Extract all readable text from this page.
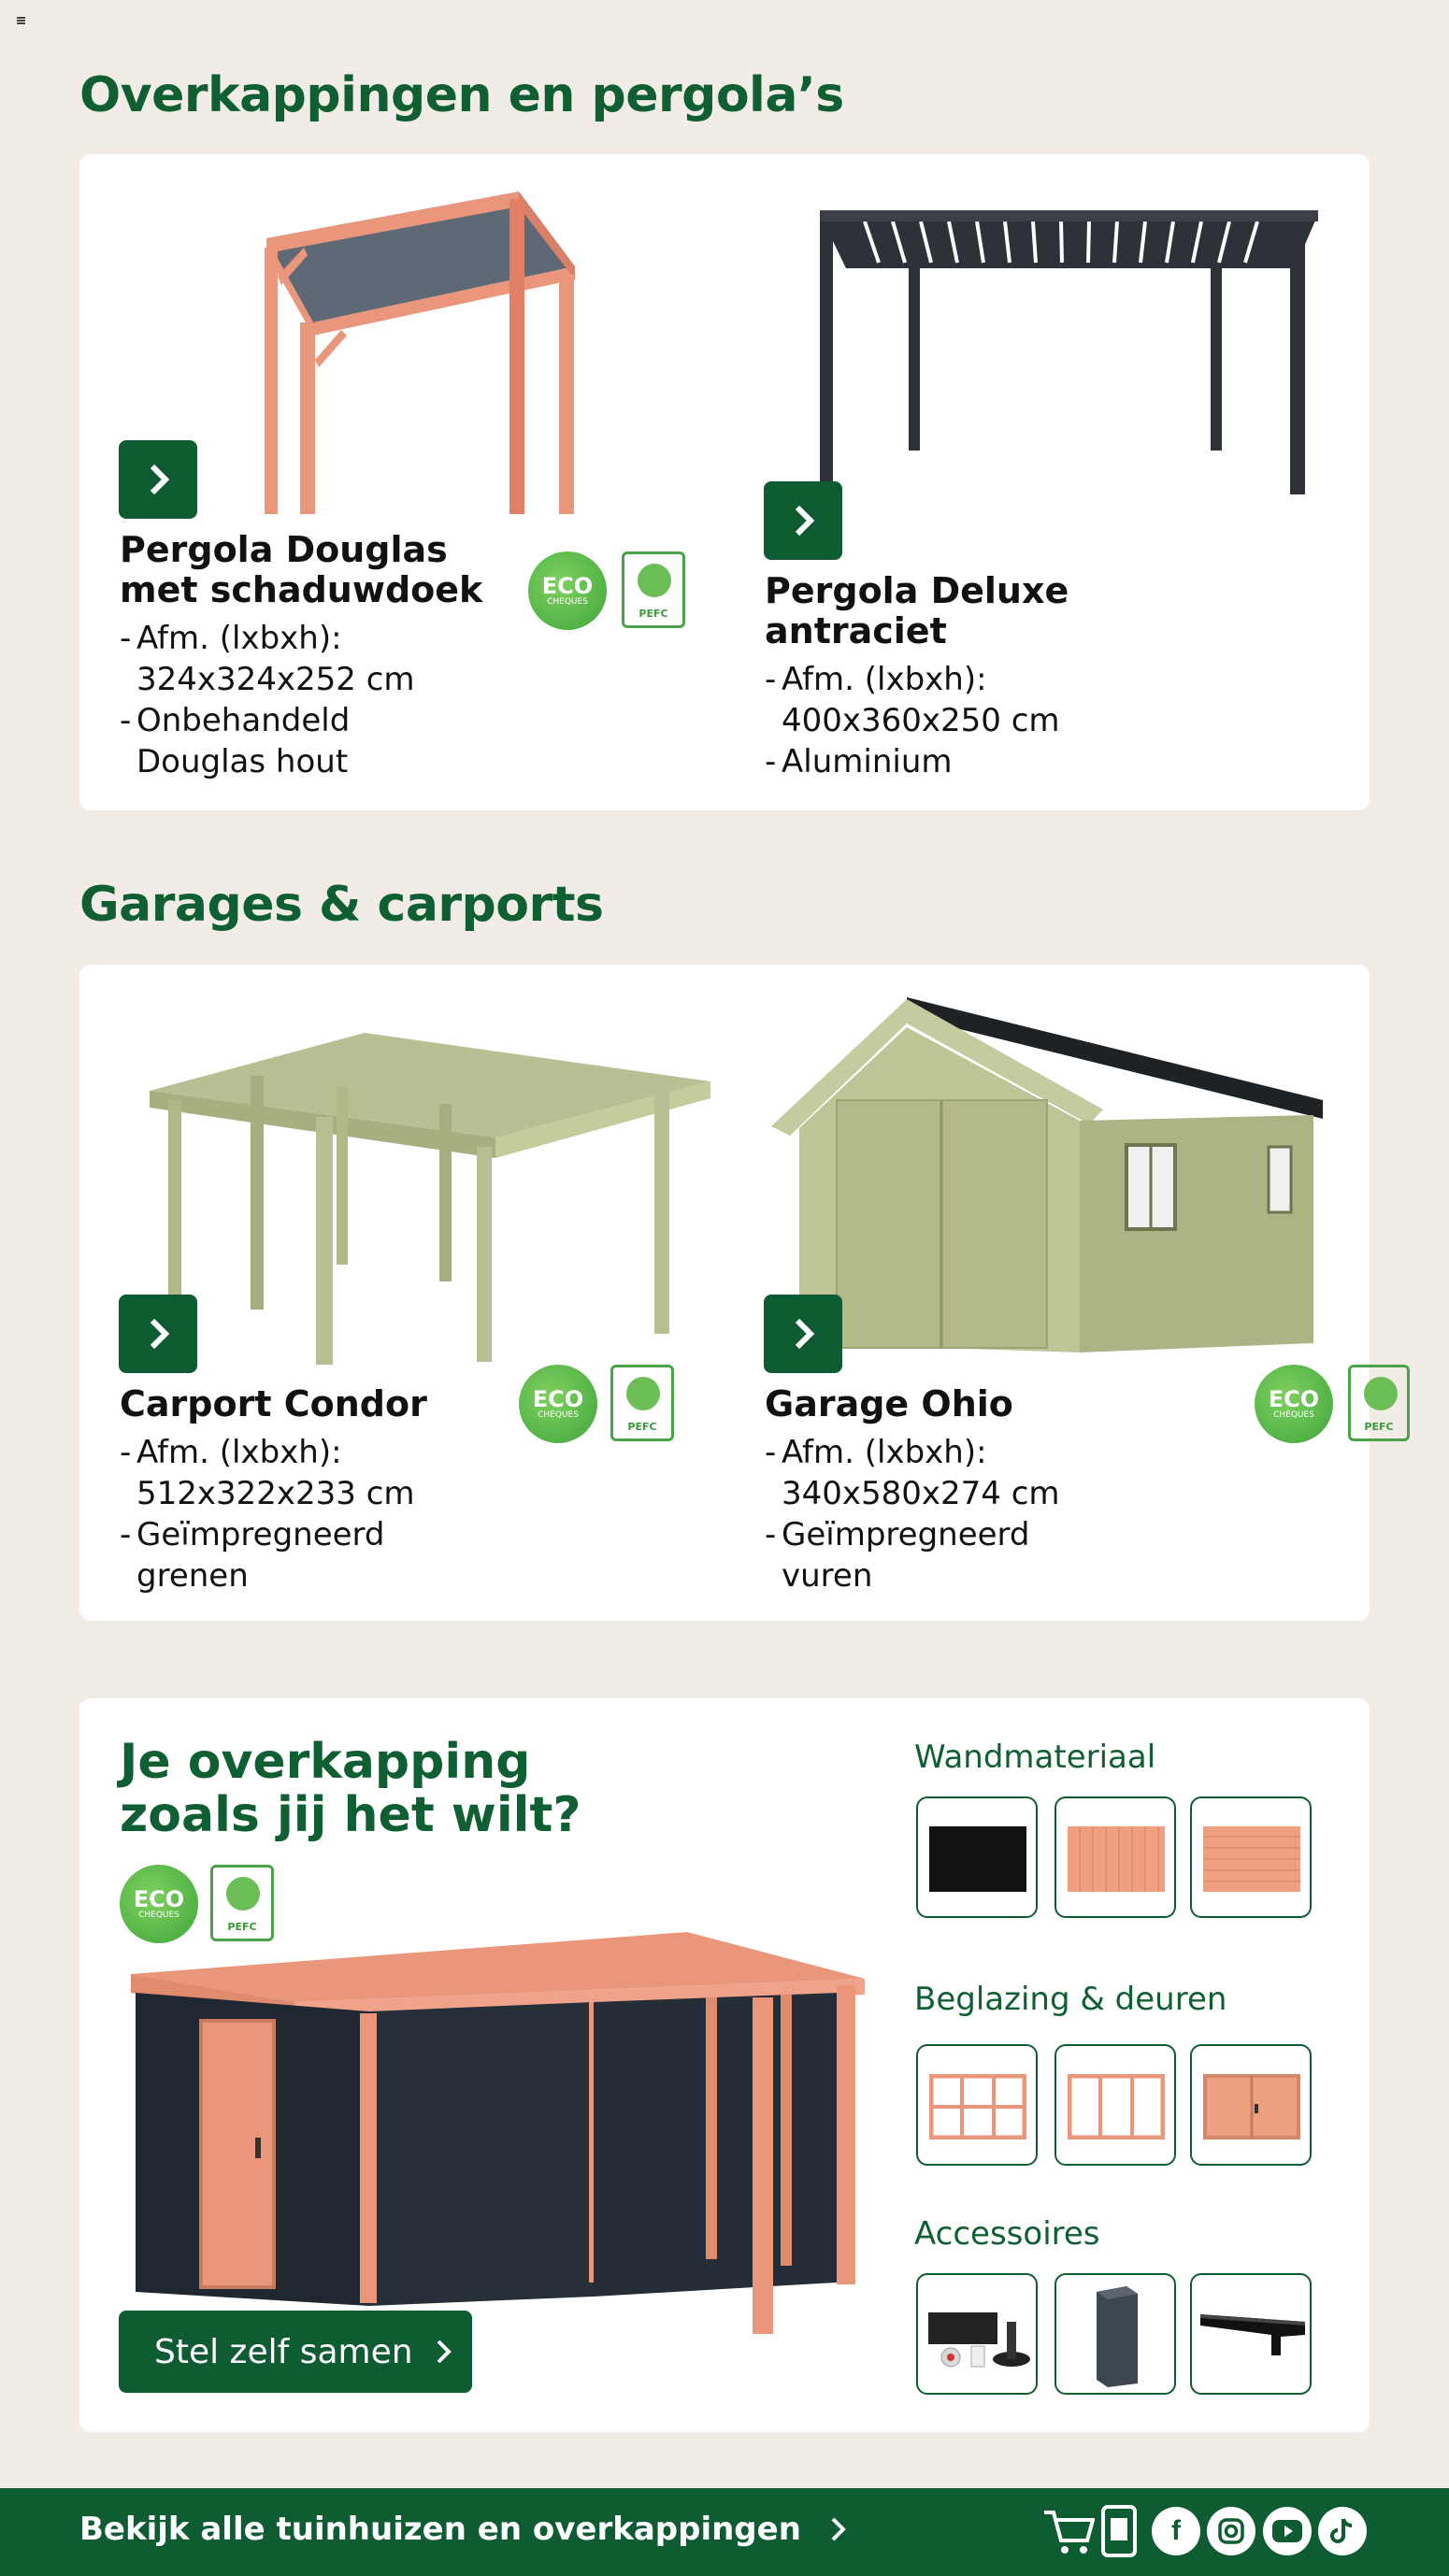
Overkappingen en pergola’s
Pergola Douglas
met schaduwdoek
- Afm. (lxbxh):
324x324x252 cm
- Onbehandeld
Douglas hout
ECO
CHEQUES
PEFC
Pergola Deluxe
antraciet
- Afm. (lxbxh):
400x360x250 cm
- Aluminium
Garages & carports
Carport Condor
- Afm. (lxbxh):
512x322x233 cm
- Geïmpregneerd
grenen
ECO
CHEQUES
PEFC
Garage Ohio
- Afm. (lxbxh):
340x580x274 cm
- Geïmpregneerd
vuren
ECO
CHEQUES
PEFC
Je overkapping
zoals jij het wilt?
ECO
CHEQUES
PEFC
Stel zelf samen
Wandmateriaal
Beglazing & deuren
Accessoires
Bekijk alle tuinhuizen en overkappingen	f
